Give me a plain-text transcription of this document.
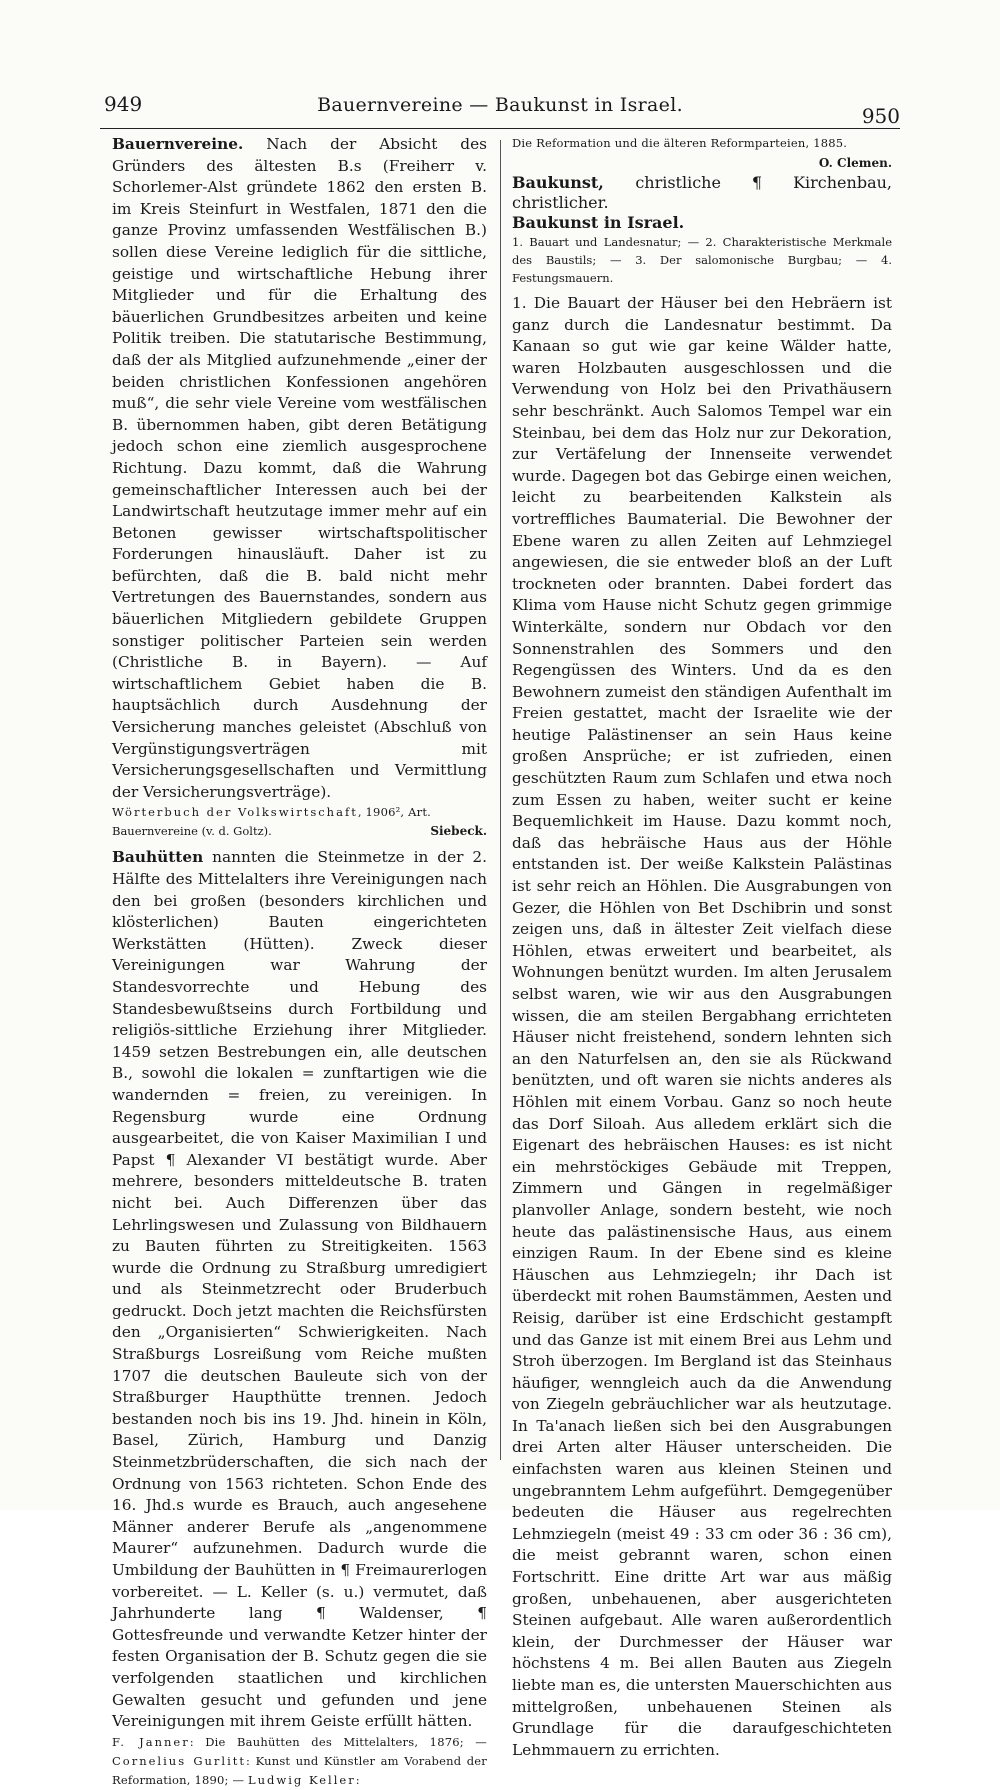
949	Bauernvereine — Baukunst in Israel.	950

Bauernvereine. Nach der Absicht des Gründers des ältesten B.s (Freiherr v. Schorlemer-Alst gründete 1862 den ersten B. im Kreis Steinfurt in Westfalen, 1871 den die ganze Provinz umfassenden Westfälischen B.) sollen diese Vereine lediglich für die sittliche, geistige und wirtschaftliche Hebung ihrer Mitglieder und für die Erhaltung des bäuerlichen Grundbesitzes arbeiten und keine Politik treiben. Die statutarische Bestimmung, daß der als Mitglied aufzunehmende „einer der beiden christlichen Konfessionen angehören muß“, die sehr viele Vereine vom westfälischen B. übernommen haben, gibt deren Betätigung jedoch schon eine ziemlich ausgesprochene Richtung. Dazu kommt, daß die Wahrung gemeinschaftlicher Interessen auch bei der Landwirtschaft heutzutage immer mehr auf ein Betonen gewisser wirtschaftspolitischer Forderungen hinausläuft. Daher ist zu befürchten, daß die B. bald nicht mehr Vertretungen des Bauernstandes, sondern aus bäuerlichen Mitgliedern gebildete Gruppen sonstiger politischer Parteien sein werden (Christliche B. in Bayern). — Auf wirtschaftlichem Gebiet haben die B. hauptsächlich durch Ausdehnung der Versicherung manches geleistet (Abschluß von Vergünstigungsverträgen mit Versicherungsgesellschaften und Vermittlung der Versicherungsverträge).

Wörterbuch der Volkswirtschaft, 1906², Art.
Bauernvereine (v. d. Goltz).	Siebeck.

Bauhütten nannten die Steinmetze in der 2. Hälfte des Mittelalters ihre Vereinigungen nach den bei großen (besonders kirchlichen und klösterlichen) Bauten eingerichteten Werkstätten (Hütten). Zweck dieser Vereinigungen war Wahrung der Standesvorrechte und Hebung des Standesbewußtseins durch Fortbildung und religiös-sittliche Erziehung ihrer Mitglieder. 1459 setzen Bestrebungen ein, alle deutschen B., sowohl die lokalen = zunftartigen wie die wandernden = freien, zu vereinigen. In Regensburg wurde eine Ordnung ausgearbeitet, die von Kaiser Maximilian I und Papst ¶ Alexander VI bestätigt wurde. Aber mehrere, besonders mitteldeutsche B. traten nicht bei. Auch Differenzen über das Lehrlingswesen und Zulassung von Bildhauern zu Bauten führten zu Streitigkeiten. 1563 wurde die Ordnung zu Straßburg umredigiert und als Steinmetzrecht oder Bruderbuch gedruckt. Doch jetzt machten die Reichsfürsten den „Organisierten“ Schwierigkeiten. Nach Straßburgs Losreißung vom Reiche mußten 1707 die deutschen Bauleute sich von der Straßburger Haupthütte trennen. Jedoch bestanden noch bis ins 19. Jhd. hinein in Köln, Basel, Zürich, Hamburg und Danzig Steinmetzbrüderschaften, die sich nach der Ordnung von 1563 richteten. Schon Ende des 16. Jhd.s wurde es Brauch, auch angesehene Männer anderer Berufe als „angenommene Maurer“ aufzunehmen. Dadurch wurde die Umbildung der Bauhütten in ¶ Freimaurerlogen vorbereitet. — L. Keller (s. u.) vermutet, daß Jahrhunderte lang ¶ Waldenser, ¶ Gottesfreunde und verwandte Ketzer hinter der festen Organisation der B. Schutz gegen die sie verfolgenden staatlichen und kirchlichen Gewalten gesucht und gefunden und jene Vereinigungen mit ihrem Geiste erfüllt hätten.

F. Janner: Die Bauhütten des Mittelalters, 1876; — Cornelius Gurlitt: Kunst und Künstler am Vorabend der Reformation, 1890; — Ludwig Keller:
Die Reformation und die älteren Reformparteien, 1885.
O. Clemen.
Baukunst, christliche ¶ Kirchenbau, christlicher.
Baukunst in Israel.
1. Bauart und Landesnatur; — 2. Charakteristische Merkmale des Baustils; — 3. Der salomonische Burgbau; — 4. Festungsmauern.

1. Die Bauart der Häuser bei den Hebräern ist ganz durch die Landesnatur bestimmt. Da Kanaan so gut wie gar keine Wälder hatte, waren Holzbauten ausgeschlossen und die Verwendung von Holz bei den Privathäusern sehr beschränkt. Auch Salomos Tempel war ein Steinbau, bei dem das Holz nur zur Dekoration, zur Vertäfelung der Innenseite verwendet wurde. Dagegen bot das Gebirge einen weichen, leicht zu bearbeitenden Kalkstein als vortreffliches Baumaterial. Die Bewohner der Ebene waren zu allen Zeiten auf Lehmziegel angewiesen, die sie entweder bloß an der Luft trockneten oder brannten. Dabei fordert das Klima vom Hause nicht Schutz gegen grimmige Winterkälte, sondern nur Obdach vor den Sonnenstrahlen des Sommers und den Regengüssen des Winters. Und da es den Bewohnern zumeist den ständigen Aufenthalt im Freien gestattet, macht der Israelite wie der heutige Palästinenser an sein Haus keine großen Ansprüche; er ist zufrieden, einen geschützten Raum zum Schlafen und etwa noch zum Essen zu haben, weiter sucht er keine Bequemlichkeit im Hause. Dazu kommt noch, daß das hebräische Haus aus der Höhle entstanden ist. Der weiße Kalkstein Palästinas ist sehr reich an Höhlen. Die Ausgrabungen von Gezer, die Höhlen von Bet Dschibrin und sonst zeigen uns, daß in ältester Zeit vielfach diese Höhlen, etwas erweitert und bearbeitet, als Wohnungen benützt wurden. Im alten Jerusalem selbst waren, wie wir aus den Ausgrabungen wissen, die am steilen Bergabhang errichteten Häuser nicht freistehend, sondern lehnten sich an den Naturfelsen an, den sie als Rückwand benützten, und oft waren sie nichts anderes als Höhlen mit einem Vorbau. Ganz so noch heute das Dorf Siloah. Aus alledem erklärt sich die Eigenart des hebräischen Hauses: es ist nicht ein mehrstöckiges Gebäude mit Treppen, Zimmern und Gängen in regelmäßiger planvoller Anlage, sondern besteht, wie noch heute das palästinensische Haus, aus einem einzigen Raum. In der Ebene sind es kleine Häuschen aus Lehmziegeln; ihr Dach ist überdeckt mit rohen Baumstämmen, Aesten und Reisig, darüber ist eine Erdschicht gestampft und das Ganze ist mit einem Brei aus Lehm und Stroh überzogen. Im Bergland ist das Steinhaus häufiger, wenngleich auch da die Anwendung von Ziegeln gebräuchlicher war als heutzutage. In Ta'anach ließen sich bei den Ausgrabungen drei Arten alter Häuser unterscheiden. Die einfachsten waren aus kleinen Steinen und ungebranntem Lehm aufgeführt. Demgegenüber bedeuten die Häuser aus regelrechten Lehmziegeln (meist 49 : 33 cm oder 36 : 36 cm), die meist gebrannt waren, schon einen Fortschritt. Eine dritte Art war aus mäßig großen, unbehauenen, aber ausgerichteten Steinen aufgebaut. Alle waren außerordentlich klein, der Durchmesser der Häuser war höchstens 4 m. Bei allen Bauten aus Ziegeln liebte man es, die untersten Mauerschichten aus mittelgroßen, unbehauenen Steinen als Grundlage für die daraufgeschichteten Lehmmauern zu errichten.
